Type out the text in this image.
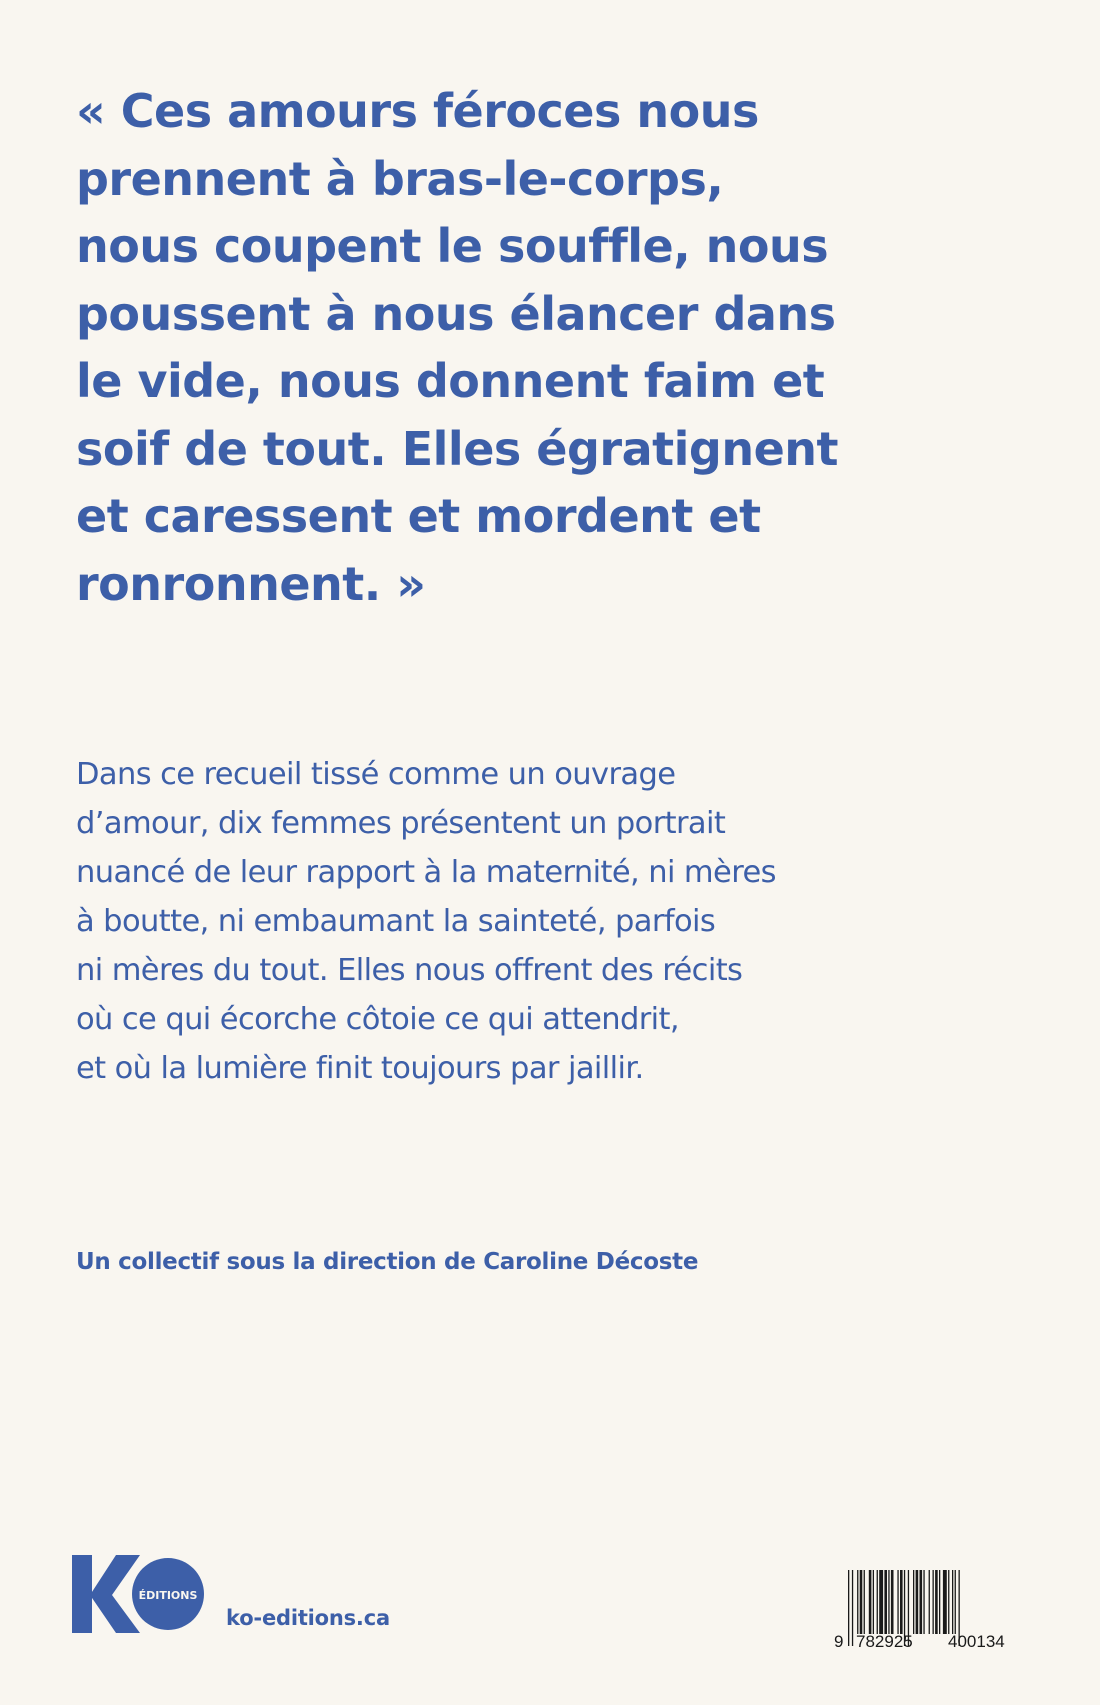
« Ces amours féroces nous
prennent à bras-le-corps,
nous coupent le souffle, nous
poussent à nous élancer dans
le vide, nous donnent faim et
soif de tout. Elles égratignent
et caressent et mordent et
ronronnent. »
Dans ce recueil tissé comme un ouvrage
d’amour, dix femmes présentent un portrait
nuancé de leur rapport à la maternité, ni mères
à boutte, ni embaumant la sainteté, parfois
ni mères du tout. Elles nous offrent des récits
où ce qui écorche côtoie ce qui attendrit,
et où la lumière finit toujours par jaillir.
Un collectif sous la direction de Caroline Décoste
ÉDITIONS
ko-editions.ca
9 782925 400134
